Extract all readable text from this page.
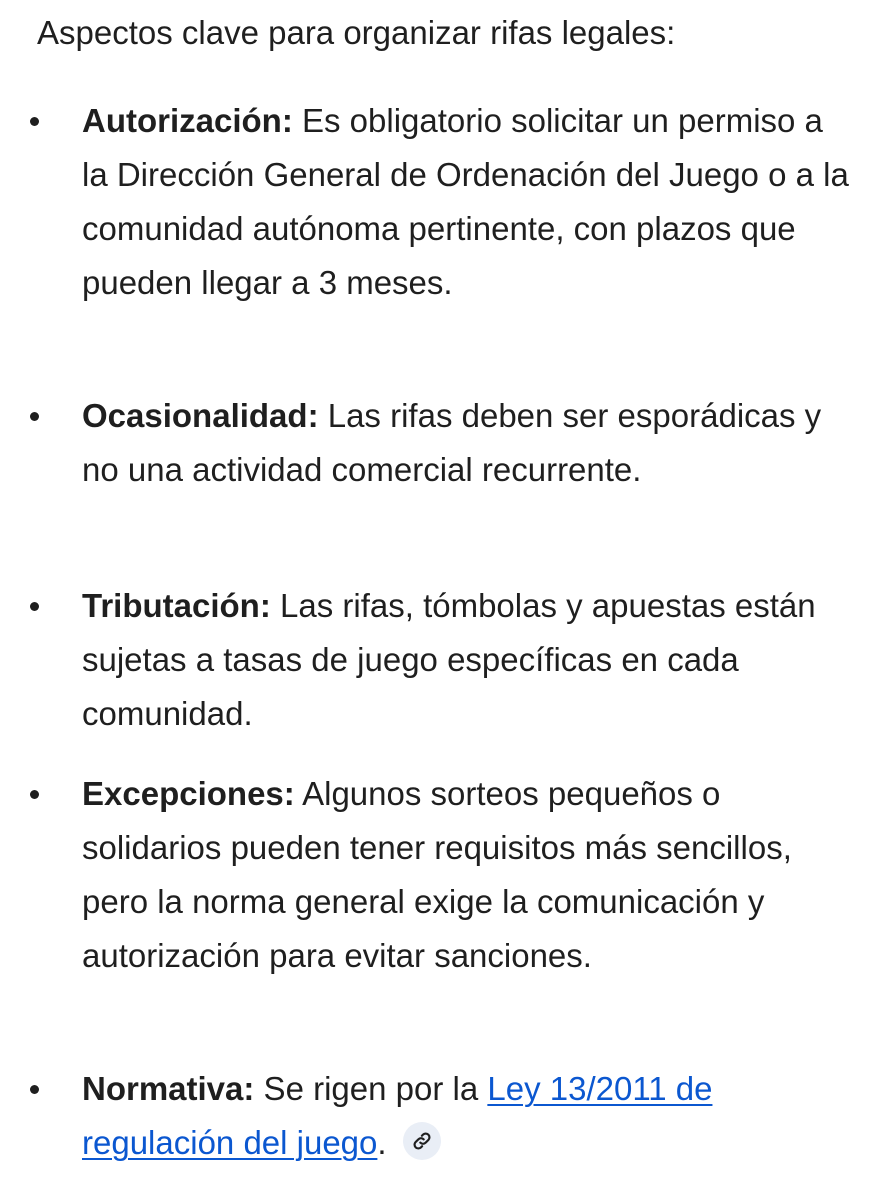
Aspectos clave para organizar rifas legales:

Autorización: Es obligatorio solicitar un permiso a la Dirección General de Ordenación del Juego o a la comunidad autónoma pertinente, con plazos que pueden llegar a 3 meses.
Ocasionalidad: Las rifas deben ser esporádicas y no una actividad comercial recurrente.
Tributación: Las rifas, tómbolas y apuestas están sujetas a tasas de juego específicas en cada comunidad.
Excepciones: Algunos sorteos pequeños o solidarios pueden tener requisitos más sencillos, pero la norma general exige la comunicación y autorización para evitar sanciones.
Normativa: Se rigen por la Ley 13/2011 de regulación del juego.
